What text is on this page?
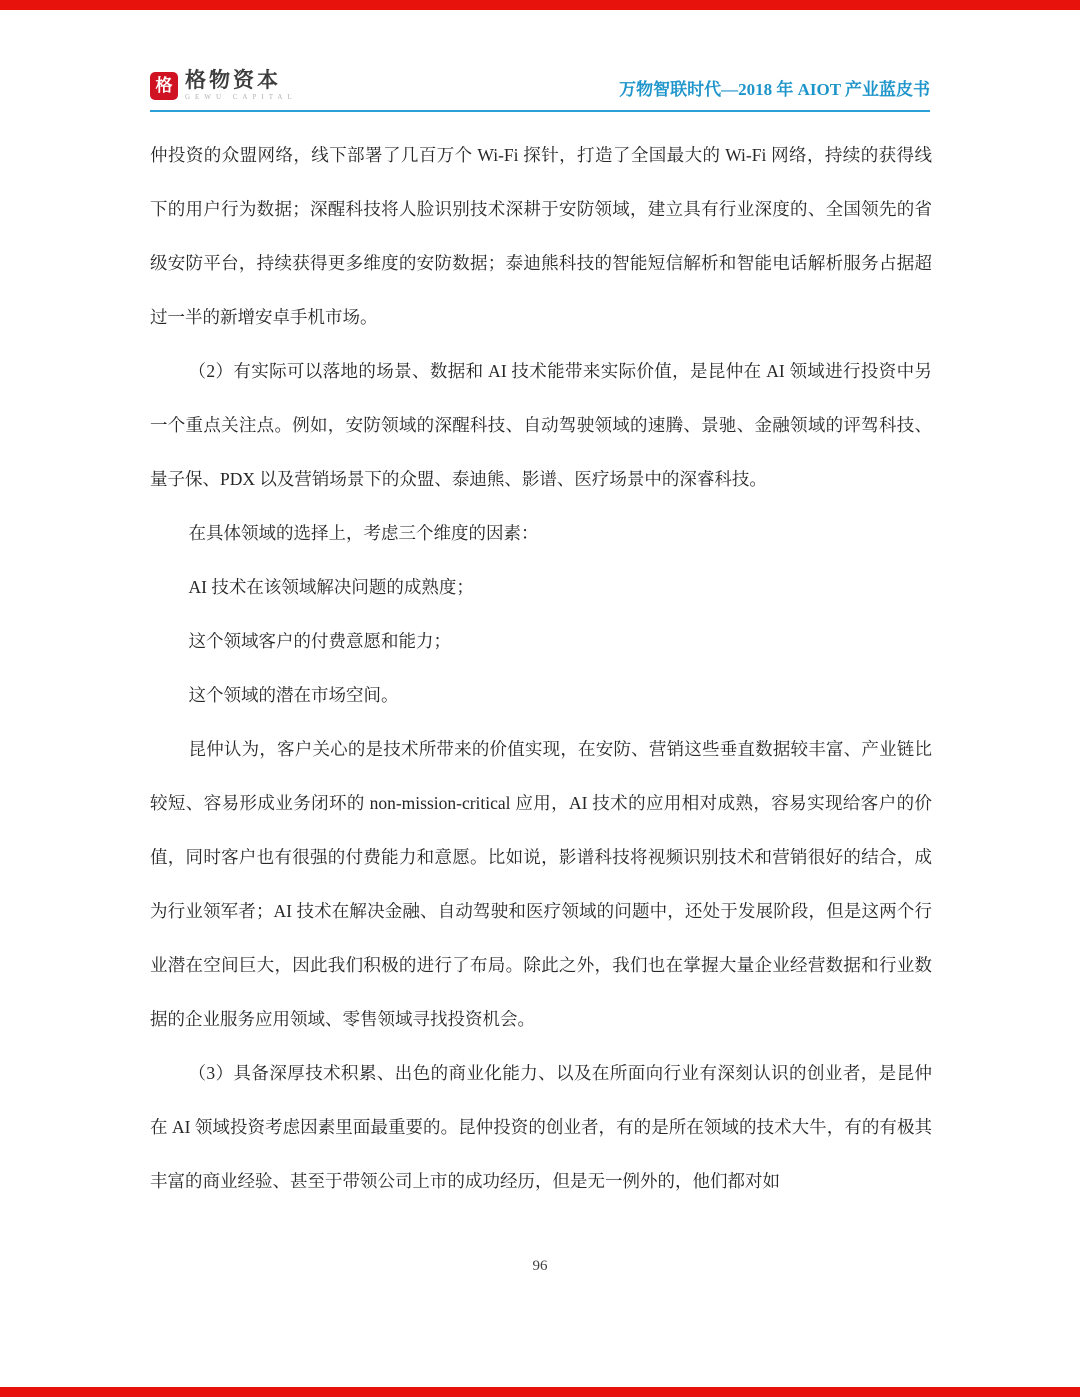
格 格物资本
GEWU CAPITAL	万物智联时代—2018 年 AIOT 产业蓝皮书

仲投资的众盟网络，线下部署了几百万个 Wi-Fi 探针，打造了全国最大的 Wi-Fi 网络，持续的获得线下的用户行为数据；深醒科技将人脸识别技术深耕于安防领域，建立具有行业深度的、全国领先的省级安防平台，持续获得更多维度的安防数据；泰迪熊科技的智能短信解析和智能电话解析服务占据超过一半的新增安卓手机市场。

（2）有实际可以落地的场景、数据和 AI 技术能带来实际价值，是昆仲在 AI 领域进行投资中另一个重点关注点。例如，安防领域的深醒科技、自动驾驶领域的速腾、景驰、金融领域的评驾科技、量子保、PDX 以及营销场景下的众盟、泰迪熊、影谱、医疗场景中的深睿科技。

在具体领域的选择上，考虑三个维度的因素：

AI 技术在该领域解决问题的成熟度；

这个领域客户的付费意愿和能力；

这个领域的潜在市场空间。

昆仲认为，客户关心的是技术所带来的价值实现，在安防、营销这些垂直数据较丰富、产业链比较短、容易形成业务闭环的 non-mission-critical 应用，AI 技术的应用相对成熟，容易实现给客户的价值，同时客户也有很强的付费能力和意愿。比如说，影谱科技将视频识别技术和营销很好的结合，成为行业领军者；AI 技术在解决金融、自动驾驶和医疗领域的问题中，还处于发展阶段，但是这两个行业潜在空间巨大，因此我们积极的进行了布局。除此之外，我们也在掌握大量企业经营数据和行业数据的企业服务应用领域、零售领域寻找投资机会。

（3）具备深厚技术积累、出色的商业化能力、以及在所面向行业有深刻认识的创业者，是昆仲在 AI 领域投资考虑因素里面最重要的。昆仲投资的创业者，有的是所在领域的技术大牛，有的有极其丰富的商业经验、甚至于带领公司上市的成功经历，但是无一例外的，他们都对如

96
